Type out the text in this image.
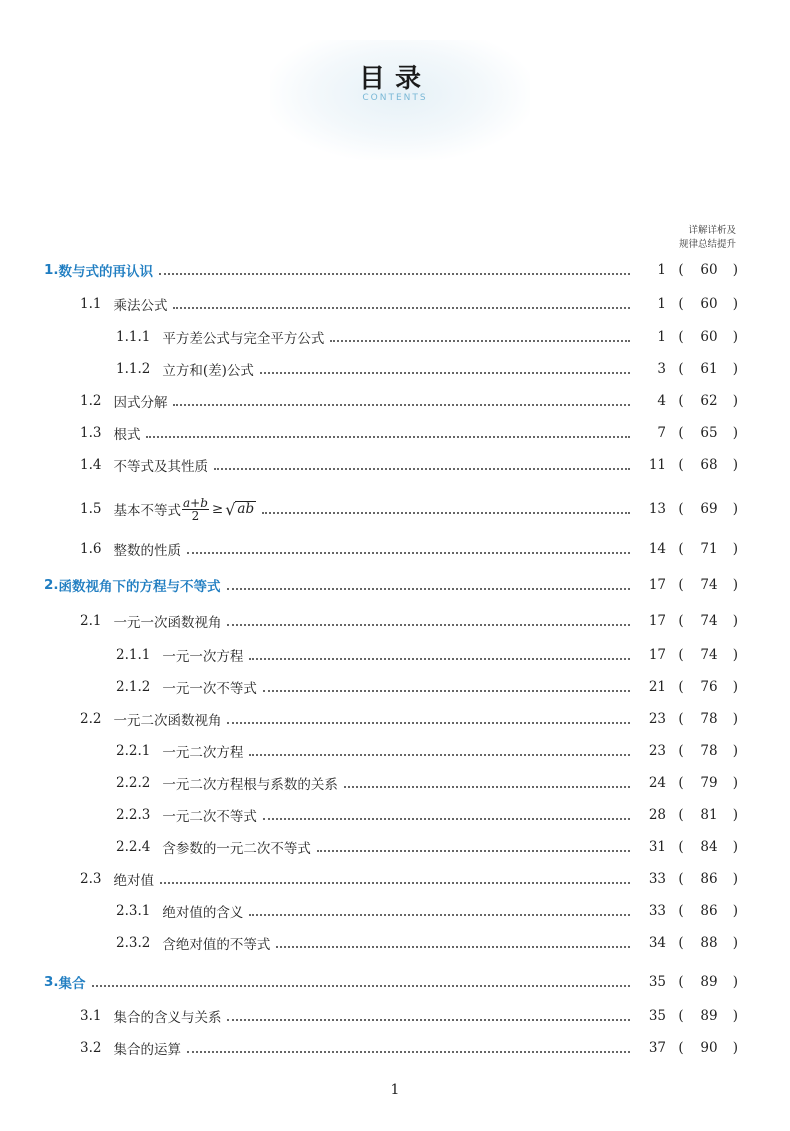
目录
CONTENTS
详解详析及
规律总结提升
1. 数与式的再认识	1 (	60	)
1.1 乘法公式	1 (	60	)
1.1.1 平方差公式与完全平方公式	1 (	60	)
1.1.2 立方和(差)公式	3 (	61	)
1.2 因式分解	4 (	62	)
1.3 根式	7 (	65	)
1.4 不等式及其性质	11 (	68	)
1.5 基本不等式 $\frac{a+b}{2}$ ≥ √ ab	13 (	69	)
1.6 整数的性质	14 (	71	)
2. 函数视角下的方程与不等式	17 (	74	)
2.1 一元一次函数视角	17 (	74	)
2.1.1 一元一次方程	17 (	74	)
2.1.2 一元一次不等式	21 (	76	)
2.2 一元二次函数视角	23 (	78	)
2.2.1 一元二次方程	23 (	78	)
2.2.2 一元二次方程根与系数的关系	24 (	79	)
2.2.3 一元二次不等式	28 (	81	)
2.2.4 含参数的一元二次不等式	31 (	84	)
2.3 绝对值	33 (	86	)
2.3.1 绝对值的含义	33 (	86	)
2.3.2 含绝对值的不等式	34 (	88	)
3. 集合	35 (	89	)
3.1 集合的含义与关系	35 (	89	)
3.2 集合的运算	37 (	90	)
1
